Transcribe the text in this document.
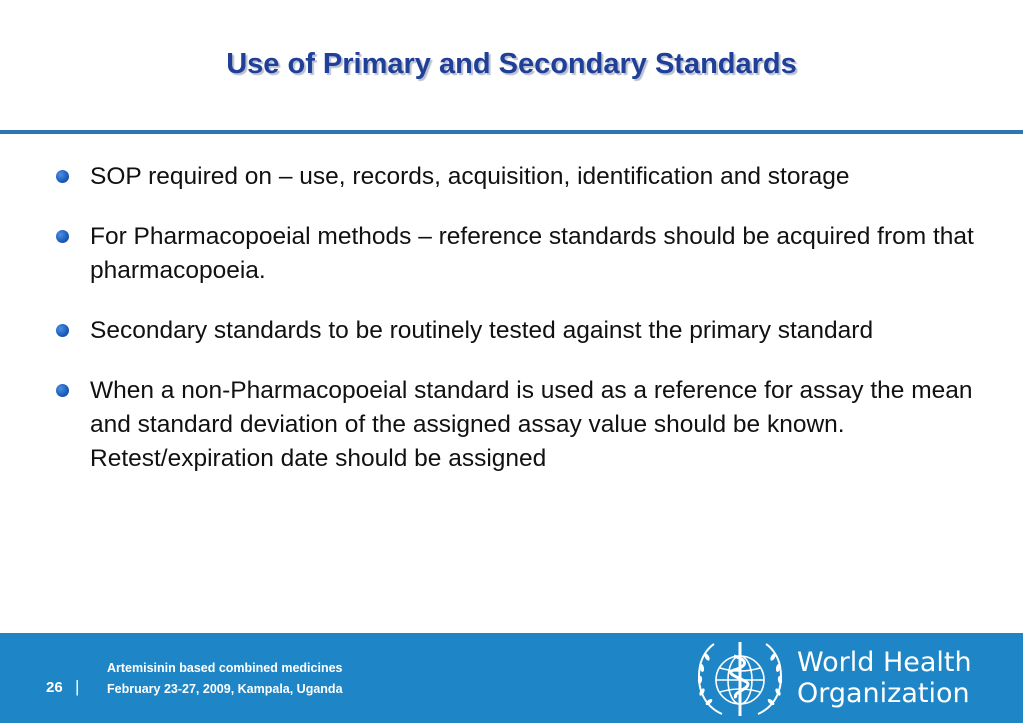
Use of Primary and Secondary Standards
SOP required on – use, records, acquisition, identification and storage
For Pharmacopoeial methods – reference standards should be acquired from that pharmacopoeia.
Secondary standards to be routinely tested against the primary standard
When a non-Pharmacopoeial standard is used as a reference for assay the mean and standard deviation of the assigned assay value should be known. Retest/expiration date should be assigned
26 |
Artemisinin based combined medicines
February 23-27, 2009, Kampala, Uganda
World Health
Organization
